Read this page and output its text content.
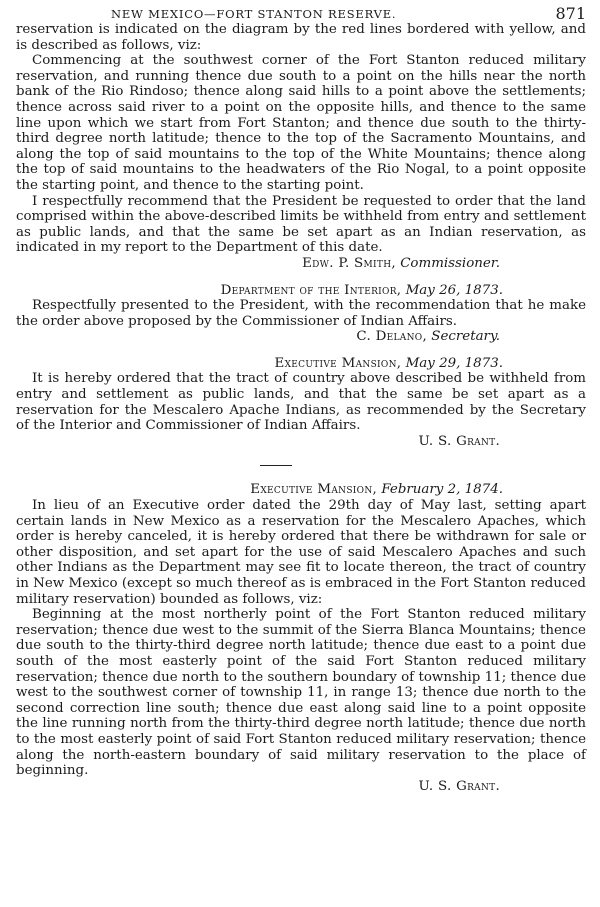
NEW MEXICO—FORT STANTON RESERVE.	871

reservation is indicated on the diagram by the red lines bordered with yellow, and is described as follows, viz:

Commencing at the southwest corner of the Fort Stanton reduced military reservation, and running thence due south to a point on the hills near the north bank of the Rio Rindoso; thence along said hills to a point above the settlements; thence across said river to a point on the opposite hills, and thence to the same line upon which we start from Fort Stanton; and thence due south to the thirty-third degree north latitude; thence to the top of the Sacramento Mountains, and along the top of said mountains to the top of the White Mountains; thence along the top of said mountains to the headwaters of the Rio Nogal, to a point opposite the starting point, and thence to the starting point.

I respectfully recommend that the President be requested to order that the land comprised within the above-described limits be withheld from entry and settlement as public lands, and that the same be set apart as an Indian reservation, as indicated in my report to the Department of this date.

Edw. P. Smith, Commissioner.
Department of the Interior, May 26, 1873.

Respectfully presented to the President, with the recommendation that he make the order above proposed by the Commissioner of Indian Affairs.

C. Delano, Secretary.
Executive Mansion, May 29, 1873.

It is hereby ordered that the tract of country above described be withheld from entry and settlement as public lands, and that the same be set apart as a reservation for the Mescalero Apache Indians, as recommended by the Secretary of the Interior and Commissioner of Indian Affairs.

U. S. Grant.
Executive Mansion, February 2, 1874.

In lieu of an Executive order dated the 29th day of May last, setting apart certain lands in New Mexico as a reservation for the Mescalero Apaches, which order is hereby canceled, it is hereby ordered that there be withdrawn for sale or other disposition, and set apart for the use of said Mescalero Apaches and such other Indians as the Department may see fit to locate thereon, the tract of country in New Mexico (except so much thereof as is embraced in the Fort Stanton reduced military reservation) bounded as follows, viz:

Beginning at the most northerly point of the Fort Stanton reduced military reservation; thence due west to the summit of the Sierra Blanca Mountains; thence due south to the thirty-third degree north latitude; thence due east to a point due south of the most easterly point of the said Fort Stanton reduced military reservation; thence due north to the southern boundary of township 11; thence due west to the southwest corner of township 11, in range 13; thence due north to the second correction line south; thence due east along said line to a point opposite the line running north from the thirty-third degree north latitude; thence due north to the most easterly point of said Fort Stanton reduced military reservation; thence along the north-eastern boundary of said military reservation to the place of beginning.

U. S. Grant.
